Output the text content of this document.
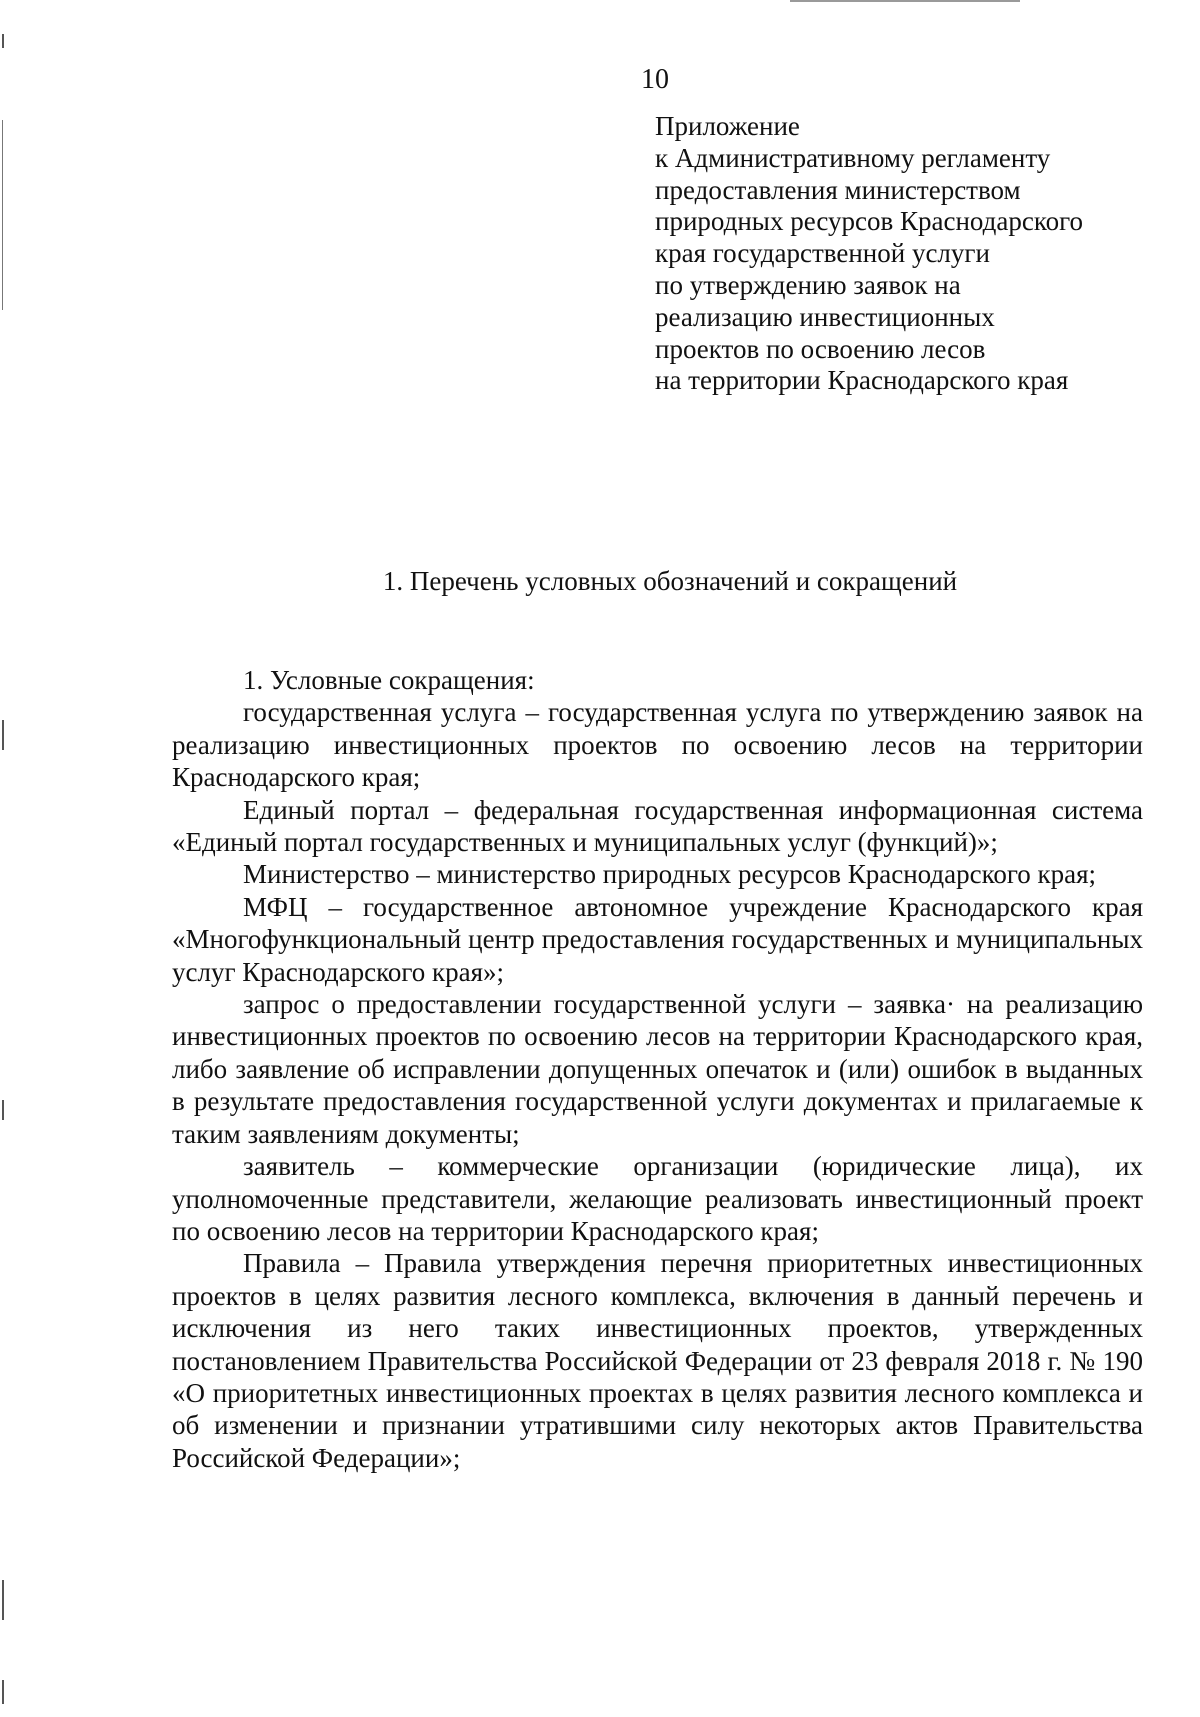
10
Приложение
к Административному регламенту
предоставления министерством
природных ресурсов Краснодарского
края государственной услуги
по утверждению заявок на
реализацию инвестиционных
проектов по освоению лесов
на территории Краснодарского края
1. Перечень условных обозначений и сокращений

1. Условные сокращения:

государственная услуга – государственная услуга по утверждению заявок на реализацию инвестиционных проектов по освоению лесов на территории Краснодарского края;

Единый портал – федеральная государственная информационная система «Единый портал государственных и муниципальных услуг (функций)»;

Министерство – министерство природных ресурсов Краснодарского края;

МФЦ – государственное автономное учреждение Краснодарского края «Многофункциональный центр предоставления государственных и муниципальных услуг Краснодарского края»;

запрос о предоставлении государственной услуги – заявка· на реализацию инвестиционных проектов по освоению лесов на территории Краснодарского края, либо заявление об исправлении допущенных опечаток и (или) ошибок в выданных в результате предоставления государственной услуги документах и прилагаемые к таким заявлениям документы;

заявитель – коммерческие организации (юридические лица), их уполномоченные представители, желающие реализовать инвестиционный проект по освоению лесов на территории Краснодарского края;

Правила – Правила утверждения перечня приоритетных инвестиционных проектов в целях развития лесного комплекса, включения в данный перечень и исключения из него таких инвестиционных проектов, утвержденных постановлением Правительства Российской Федерации от 23 февраля 2018 г. № 190 «О приоритетных инвестиционных проектах в целях развития лесного комплекса и об изменении и признании утратившими силу некоторых актов Правительства Российской Федерации»;
